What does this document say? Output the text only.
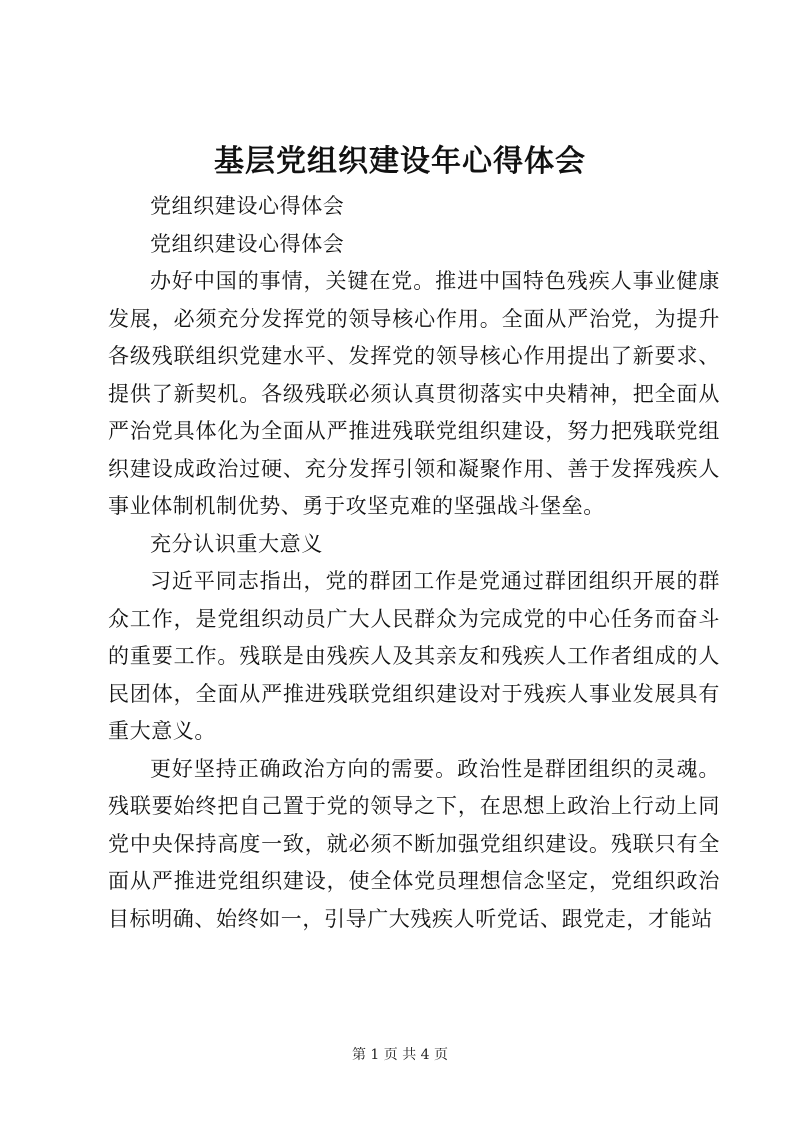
基层党组织建设年心得体会

党组织建设心得体会

党组织建设心得体会

办好中国的事情，关键在党。推进中国特色残疾人事业健康发展，必须充分发挥党的领导核心作用。全面从严治党，为提升各级残联组织党建水平、发挥党的领导核心作用提出了新要求、提供了新契机。各级残联必须认真贯彻落实中央精神，把全面从严治党具体化为全面从严推进残联党组织建设，努力把残联党组织建设成政治过硬、充分发挥引领和凝聚作用、善于发挥残疾人事业体制机制优势、勇于攻坚克难的坚强战斗堡垒。

充分认识重大意义

习近平同志指出，党的群团工作是党通过群团组织开展的群众工作，是党组织动员广大人民群众为完成党的中心任务而奋斗的重要工作。残联是由残疾人及其亲友和残疾人工作者组成的人民团体，全面从严推进残联党组织建设对于残疾人事业发展具有重大意义。

更好坚持正确政治方向的需要。政治性是群团组织的灵魂。残联要始终把自己置于党的领导之下，在思想上政治上行动上同党中央保持高度一致，就必须不断加强党组织建设。残联只有全面从严推进党组织建设，使全体党员理想信念坚定，党组织政治目标明确、始终如一，引导广大残疾人听党话、跟党走，才能站

第 1 页 共 4 页
